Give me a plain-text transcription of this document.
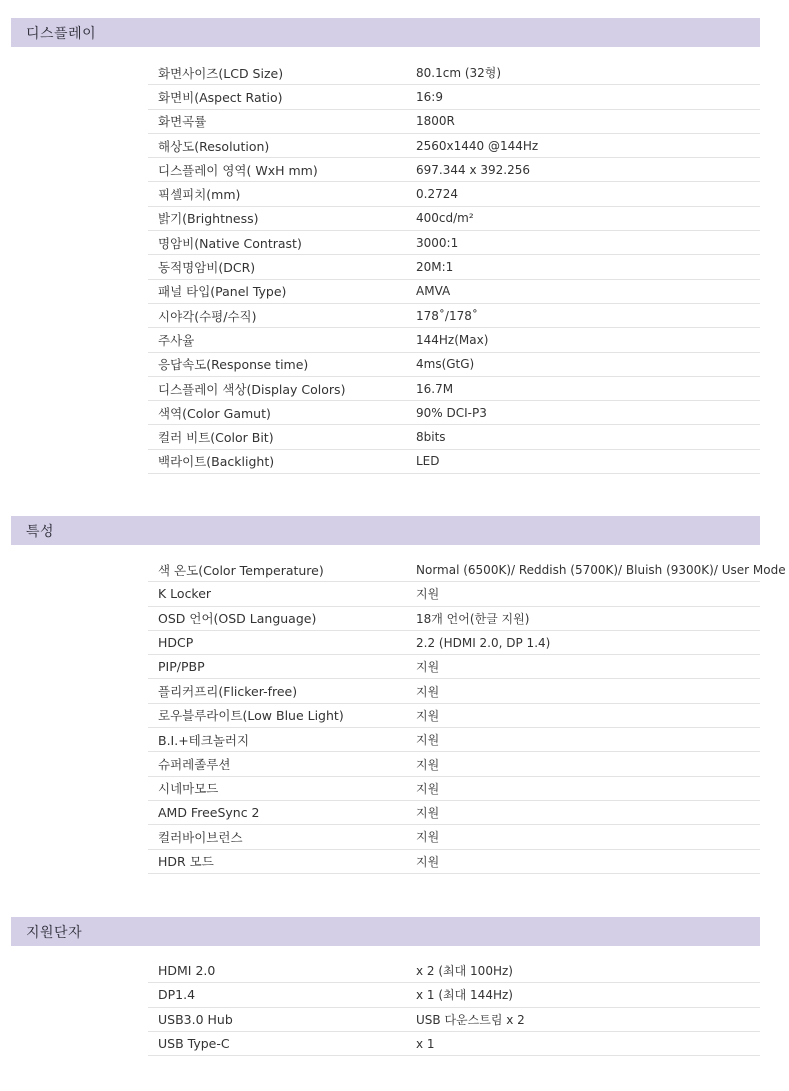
디스플레이
화면사이즈(LCD Size)	80.1cm (32형)
화면비(Aspect Ratio)	16:9
화면곡률	1800R
해상도(Resolution)	2560x1440 @144Hz
디스플레이 영역( WxH mm)	697.344 x 392.256
픽셀피치(mm)	0.2724
밝기(Brightness)	400cd/m²
명암비(Native Contrast)	3000:1
동적명암비(DCR)	20M:1
패널 타입(Panel Type)	AMVA
시야각(수평/수직)	178˚/178˚
주사율	144Hz(Max)
응답속도(Response time)	4ms(GtG)
디스플레이 색상(Display Colors)	16.7M
색역(Color Gamut)	90% DCI-P3
컬러 비트(Color Bit)	8bits
백라이트(Backlight)	LED
특성
색 온도(Color Temperature)	Normal (6500K)/ Reddish (5700K)/ Bluish (9300K)/ User Mode
K Locker	지원
OSD 언어(OSD Language)	18개 언어(한글 지원)
HDCP	2.2 (HDMI 2.0, DP 1.4)
PIP/PBP	지원
플리커프리(Flicker-free)	지원
로우블루라이트(Low Blue Light)	지원
B.I.+테크놀러지	지원
슈퍼레졸루션	지원
시네마모드	지원
AMD FreeSync 2	지원
컬러바이브런스	지원
HDR 모드	지원
지원단자
HDMI 2.0	x 2 (최대 100Hz)
DP1.4	x 1 (최대 144Hz)
USB3.0 Hub	USB 다운스트림 x 2
USB Type-C	x 1
